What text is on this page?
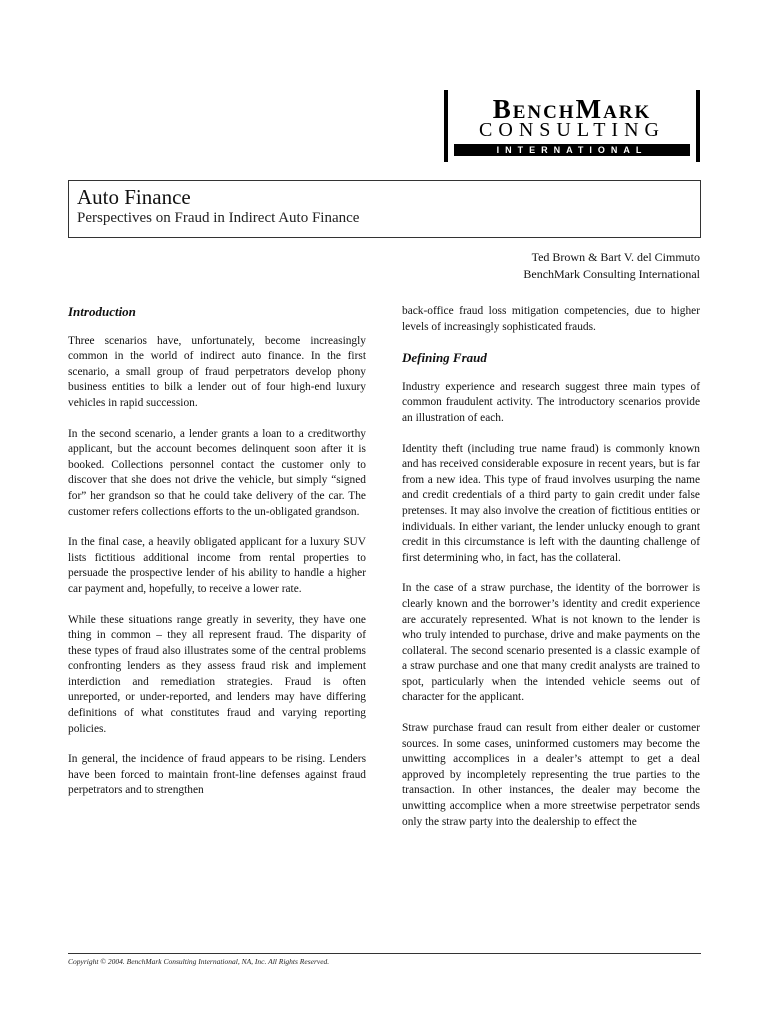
BenchMark
CONSULTING
INTERNATIONAL
Auto Finance
Perspectives on Fraud in Indirect Auto Finance
Ted Brown & Bart V. del Cimmuto
BenchMark Consulting International
Introduction

Three scenarios have, unfortunately, become increasingly common in the world of indirect auto finance. In the first scenario, a small group of fraud perpetrators develop phony business entities to bilk a lender out of four high-end luxury vehicles in rapid succession.

In the second scenario, a lender grants a loan to a creditworthy applicant, but the account becomes delinquent soon after it is booked. Collections personnel contact the customer only to discover that she does not drive the vehicle, but simply “signed for” her grandson so that he could take delivery of the car. The customer refers collections efforts to the un-obligated grandson.

In the final case, a heavily obligated applicant for a luxury SUV lists fictitious additional income from rental properties to persuade the prospective lender of his ability to handle a higher car payment and, hopefully, to receive a lower rate.

While these situations range greatly in severity, they have one thing in common – they all represent fraud. The disparity of these types of fraud also illustrates some of the central problems confronting lenders as they assess fraud risk and implement interdiction and remediation strategies. Fraud is often unreported, or under-reported, and lenders may have differing definitions of what constitutes fraud and varying reporting policies.

In general, the incidence of fraud appears to be rising. Lenders have been forced to maintain front-line defenses against fraud perpetrators and to strengthen

back-office fraud loss mitigation competencies, due to higher levels of increasingly sophisticated frauds.

Defining Fraud

Industry experience and research suggest three main types of common fraudulent activity. The introductory scenarios provide an illustration of each.

Identity theft (including true name fraud) is commonly known and has received considerable exposure in recent years, but is far from a new idea. This type of fraud involves usurping the name and credit credentials of a third party to gain credit under false pretenses. It may also involve the creation of fictitious entities or individuals. In either variant, the lender unlucky enough to grant credit in this circumstance is left with the daunting challenge of first determining who, in fact, has the collateral.

In the case of a straw purchase, the identity of the borrower is clearly known and the borrower’s identity and credit experience are accurately represented. What is not known to the lender is who truly intended to purchase, drive and make payments on the collateral. The second scenario presented is a classic example of a straw purchase and one that many credit analysts are trained to spot, particularly when the intended vehicle seems out of character for the applicant.

Straw purchase fraud can result from either dealer or customer sources. In some cases, uninformed customers may become the unwitting accomplices in a dealer’s attempt to get a deal approved by incompletely representing the true parties to the transaction. In other instances, the dealer may become the unwitting accomplice when a more streetwise perpetrator sends only the straw party into the dealership to effect the

Copyright © 2004. BenchMark Consulting International, NA, Inc. All Rights Reserved.
